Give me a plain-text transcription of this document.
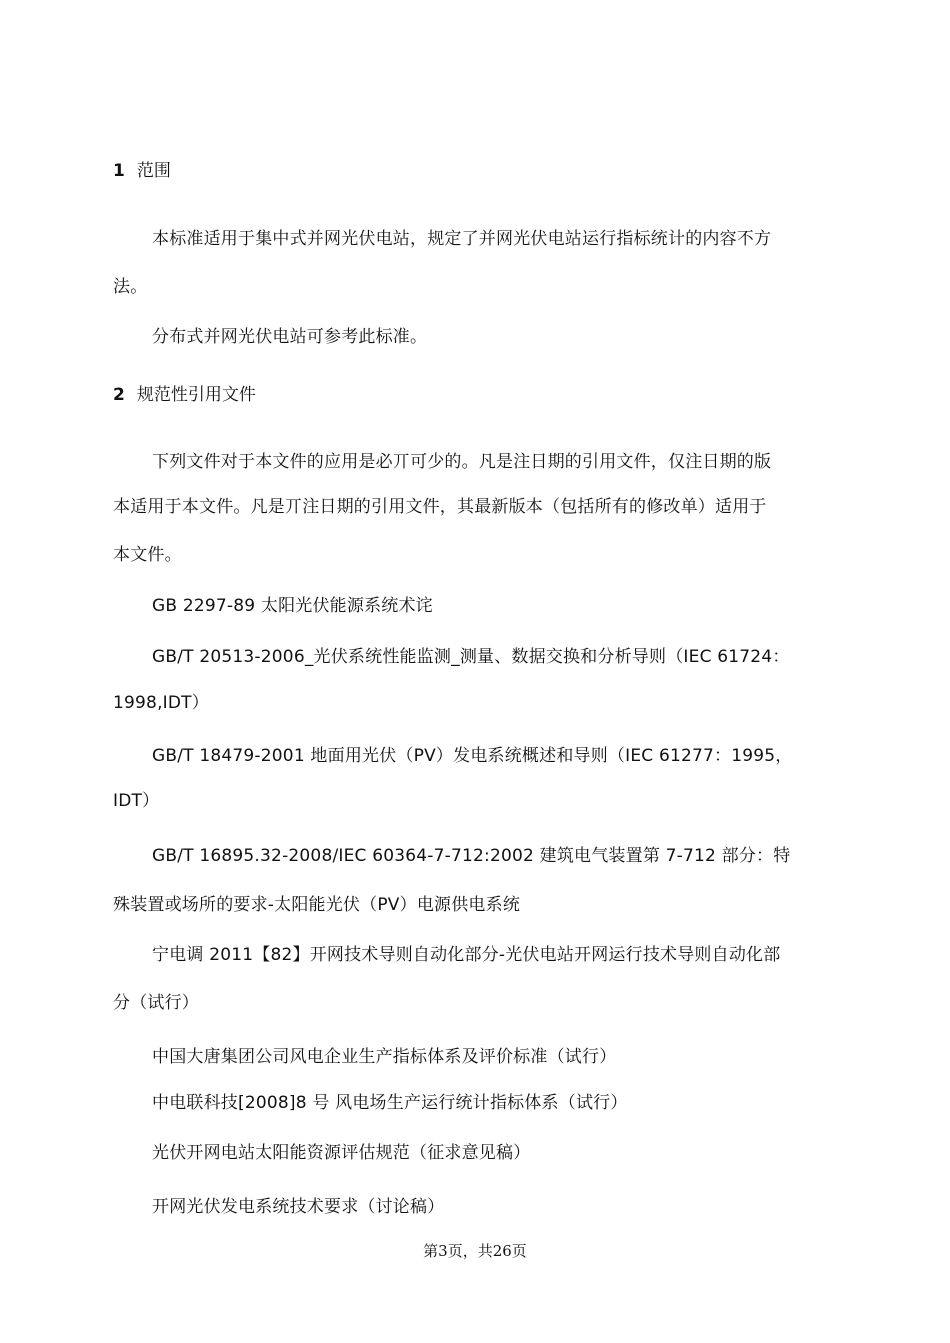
1 范围
本标准适用于集中式并网光伏电站，规定了并网光伏电站运行指标统计的内容不方
法。
分布式并网光伏电站可参考此标准。
2 规范性引用文件
下列文件对于本文件的应用是必丌可少的。凡是注日期的引用文件，仅注日期的版
本适用于本文件。凡是丌注日期的引用文件，其最新版本（包括所有的修改单）适用于
本文件。
GB 2297-89 太阳光伏能源系统术诧
GB/T 20513-2006_光伏系统性能监测_测量、数据交换和分析导则（IEC 61724：
1998,IDT）
GB/T 18479-2001 地面用光伏（PV）发电系统概述和导则（IEC 61277：1995，
IDT）
GB/T 16895.32-2008/IEC 60364-7-712:2002 建筑电气装置第 7-712 部分：特
殊装置或场所的要求-太阳能光伏（PV）电源供电系统
宁电调 2011【82】开网技术导则自动化部分-光伏电站开网运行技术导则自动化部
分（试行）
中国大唐集团公司风电企业生产指标体系及评价标准（试行）
中电联科技[2008]8 号 风电场生产运行统计指标体系（试行）
光伏开网电站太阳能资源评估规范（征求意见稿）
开网光伏发电系统技术要求（讨论稿）
第3页，共26页
